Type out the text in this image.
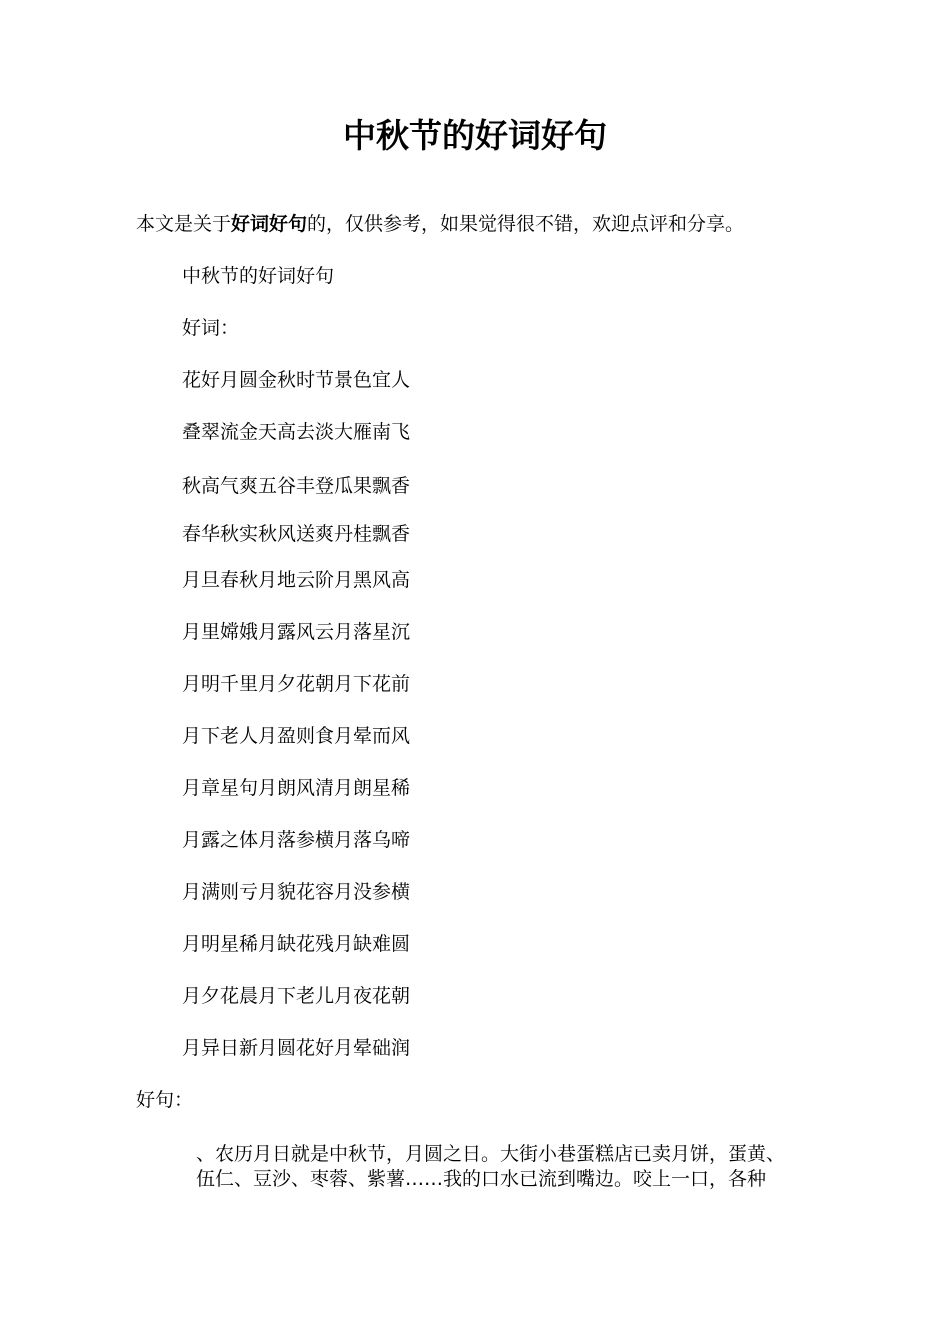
中秋节的好词好句
本文是关于好词好句的，仅供参考，如果觉得很不错，欢迎点评和分享。
中秋节的好词好句
好词：
花好月圆金秋时节景色宜人
叠翠流金天高去淡大雁南飞
秋高气爽五谷丰登瓜果飘香
春华秋实秋风送爽丹桂飘香
月旦春秋月地云阶月黑风高
月里嫦娥月露风云月落星沉
月明千里月夕花朝月下花前
月下老人月盈则食月晕而风
月章星句月朗风清月朗星稀
月露之体月落参横月落乌啼
月满则亏月貌花容月没参横
月明星稀月缺花残月缺难圆
月夕花晨月下老儿月夜花朝
月异日新月圆花好月晕础润
好句：
、农历月日就是中秋节，月圆之日。大街小巷蛋糕店已卖月饼，蛋黄、
伍仁、豆沙、枣蓉、紫薯……我的口水已流到嘴边。咬上一口，各种
